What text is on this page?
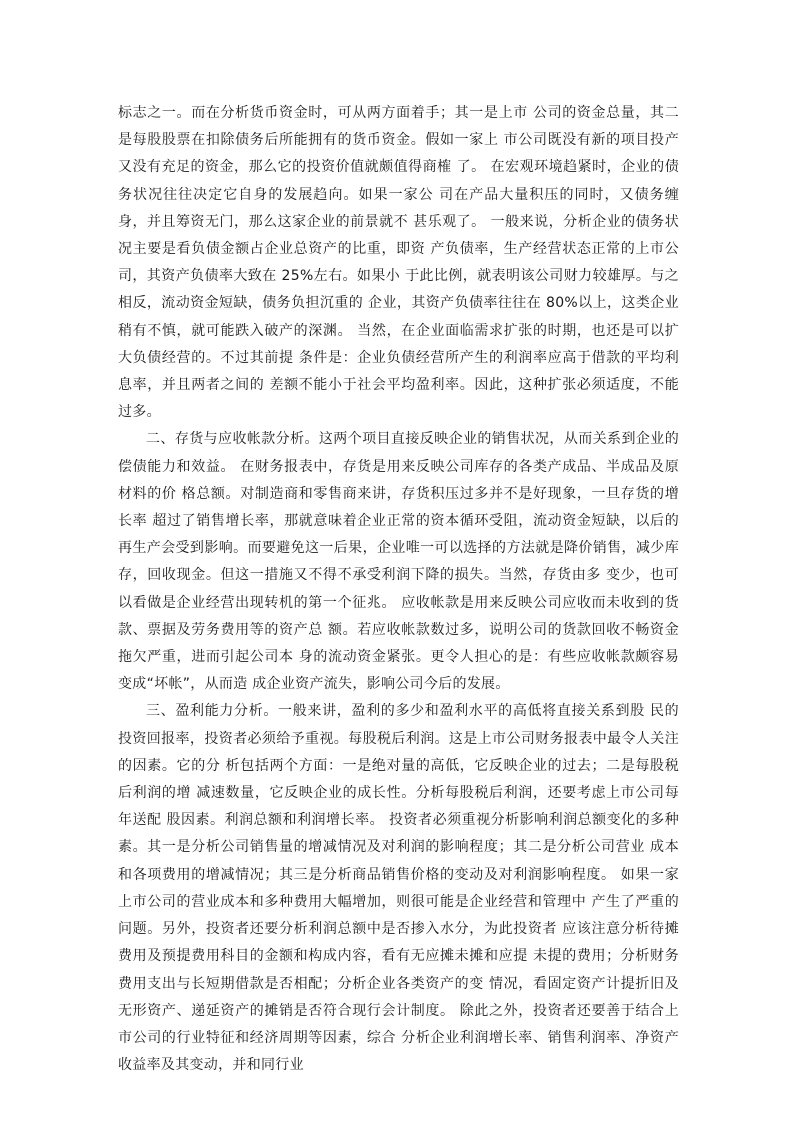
标志之一。而在分析货币资金时，可从两方面着手；其一是上市 公司的资金总量，其二是每股股票在扣除债务后所能拥有的货币资金。假如一家上 市公司既没有新的项目投产又没有充足的资金，那么它的投资价值就颇值得商榷 了。 在宏观环境趋紧时，企业的债务状况往往决定它自身的发展趋向。如果一家公 司在产品大量积压的同时，又债务缠身，并且筹资无门，那么这家企业的前景就不 甚乐观了。 一般来说，分析企业的债务状况主要是看负债金额占企业总资产的比重，即资 产负债率，生产经营状态正常的上市公司，其资产负债率大致在 25%左右。如果小 于此比例，就表明该公司财力较雄厚。与之相反，流动资金短缺，债务负担沉重的 企业，其资产负债率往往在 80%以上，这类企业稍有不慎，就可能跌入破产的深渊。 当然，在企业面临需求扩张的时期，也还是可以扩大负债经营的。不过其前提 条件是：企业负债经营所产生的利润率应高于借款的平均利息率，并且两者之间的 差额不能小于社会平均盈利率。因此，这种扩张必须适度，不能过多。

二、存货与应收帐款分析。这两个项目直接反映企业的销售状况，从而关系到企业的偿债能力和效益。 在财务报表中，存货是用来反映公司库存的各类产成品、半成品及原材料的价 格总额。对制造商和零售商来讲，存货积压过多并不是好现象，一旦存货的增长率 超过了销售增长率，那就意味着企业正常的资本循环受阻，流动资金短缺，以后的 再生产会受到影响。而要避免这一后果，企业唯一可以选择的方法就是降价销售，减少库存，回收现金。但这一措施又不得不承受利润下降的损失。当然，存货由多 变少，也可以看做是企业经营出现转机的第一个征兆。 应收帐款是用来反映公司应收而未收到的货款、票据及劳务费用等的资产总 额。若应收帐款数过多，说明公司的货款回收不畅资金拖欠严重，进而引起公司本 身的流动资金紧张。更令人担心的是：有些应收帐款颇容易变成“坏帐”，从而造 成企业资产流失，影响公司今后的发展。

三、盈利能力分析。一般来讲，盈利的多少和盈利水平的高低将直接关系到股 民的投资回报率，投资者必须给予重视。每股税后利润。这是上市公司财务报表中最令人关注的因素。它的分 析包括两个方面：一是绝对量的高低，它反映企业的过去；二是每股税后利润的增 减速数量，它反映企业的成长性。分析每股税后利润，还要考虑上市公司每年送配 股因素。利润总额和利润增长率。 投资者必须重视分析影响利润总额变化的多种 素。其一是分析公司销售量的增减情况及对利润的影响程度；其二是分析公司营业 成本和各项费用的增减情况；其三是分析商品销售价格的变动及对利润影响程度。 如果一家上市公司的营业成本和多种费用大幅增加，则很可能是企业经营和管理中 产生了严重的问题。另外，投资者还要分析利润总额中是否掺入水分，为此投资者 应该注意分析待摊费用及预提费用科目的金额和构成内容，看有无应摊未摊和应提 未提的费用；分析财务费用支出与长短期借款是否相配；分析企业各类资产的变 情况，看固定资产计提折旧及无形资产、递延资产的摊销是否符合现行会计制度。 除此之外，投资者还要善于结合上市公司的行业特征和经济周期等因素，综合 分析企业利润增长率、销售利润率、净资产收益率及其变动，并和同行业
